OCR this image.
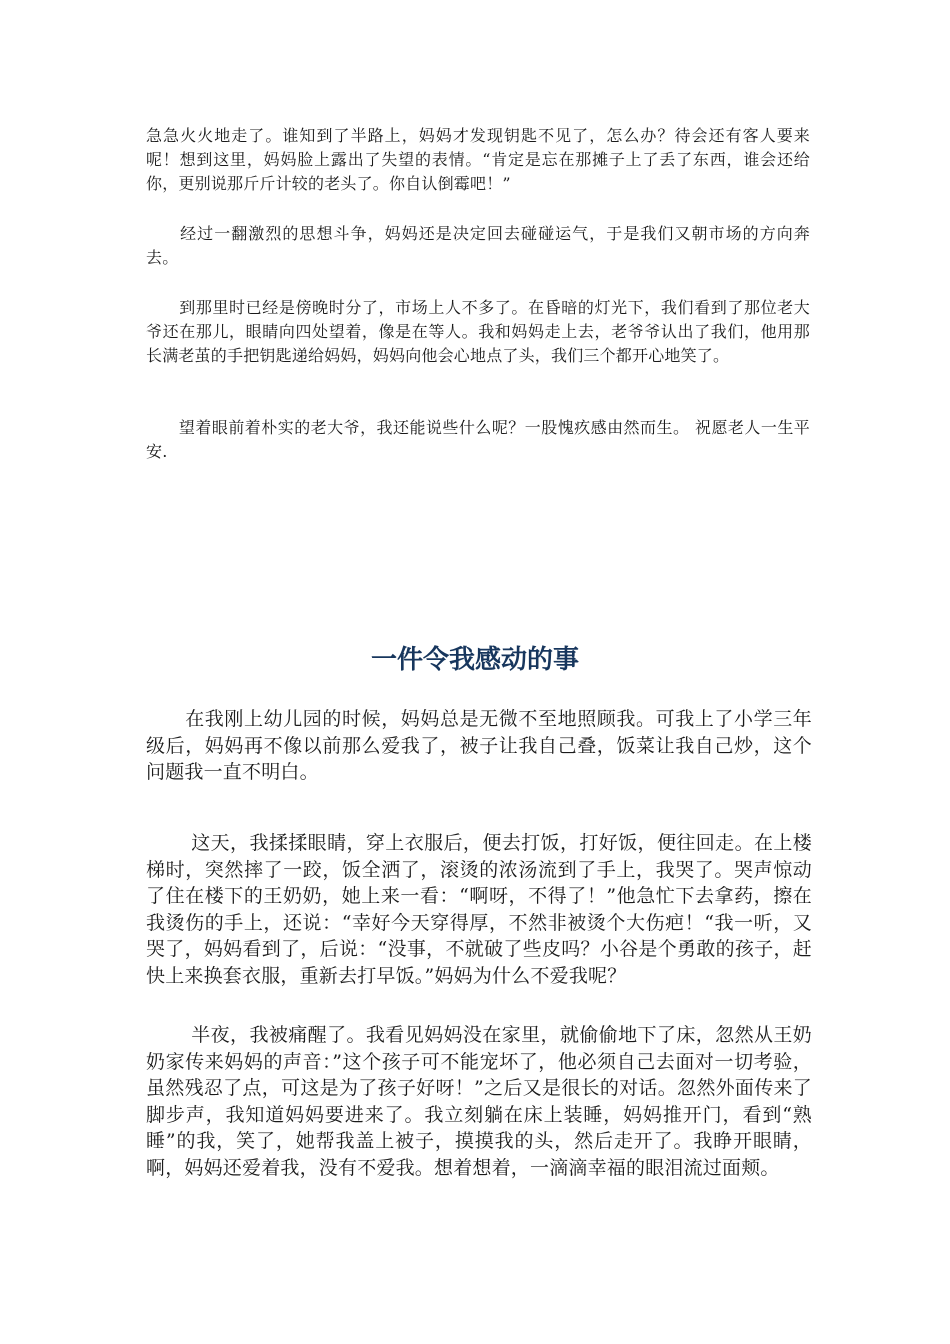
急急火火地走了。谁知到了半路上，妈妈才发现钥匙不见了，怎么办？待会还有客人要来呢！想到这里，妈妈脸上露出了失望的表情。“肯定是忘在那摊子上了丢了东西，谁会还给你，更别说那斤斤计较的老头了。你自认倒霉吧！”

　　经过一翻激烈的思想斗争，妈妈还是决定回去碰碰运气，于是我们又朝市场的方向奔去。

　　到那里时已经是傍晚时分了，市场上人不多了。在昏暗的灯光下，我们看到了那位老大爷还在那儿，眼睛向四处望着，像是在等人。我和妈妈走上去，老爷爷认出了我们，他用那长满老茧的手把钥匙递给妈妈，妈妈向他会心地点了头，我们三个都开心地笑了。

　　望着眼前着朴实的老大爷，我还能说些什么呢？一股愧疚感由然而生。 祝愿老人一生平安.

一件令我感动的事

　　在我刚上幼儿园的时候，妈妈总是无微不至地照顾我。可我上了小学三年级后，妈妈再不像以前那么爱我了，被子让我自己叠，饭菜让我自己炒，这个问题我一直不明白。

　　 这天，我揉揉眼睛，穿上衣服后，便去打饭，打好饭，便往回走。在上楼梯时，突然摔了一跤，饭全洒了，滚烫的浓汤流到了手上，我哭了。哭声惊动了住在楼下的王奶奶，她上来一看：“啊呀，不得了！”他急忙下去拿药，擦在我烫伤的手上，还说：“幸好今天穿得厚，不然非被烫个大伤疤！“我一听，又哭了，妈妈看到了，后说：“没事，不就破了些皮吗？小谷是个勇敢的孩子，赶快上来换套衣服，重新去打早饭。”妈妈为什么不爱我呢？

　　 半夜，我被痛醒了。我看见妈妈没在家里，就偷偷地下了床，忽然从王奶奶家传来妈妈的声音：”这个孩子可不能宠坏了，他必须自己去面对一切考验，虽然残忍了点，可这是为了孩子好呀！”之后又是很长的对话。忽然外面传来了脚步声，我知道妈妈要进来了。我立刻躺在床上装睡，妈妈推开门，看到“熟睡”的我，笑了，她帮我盖上被子，摸摸我的头，然后走开了。我睁开眼睛，啊，妈妈还爱着我，没有不爱我。想着想着，一滴滴幸福的眼泪流过面颊。
